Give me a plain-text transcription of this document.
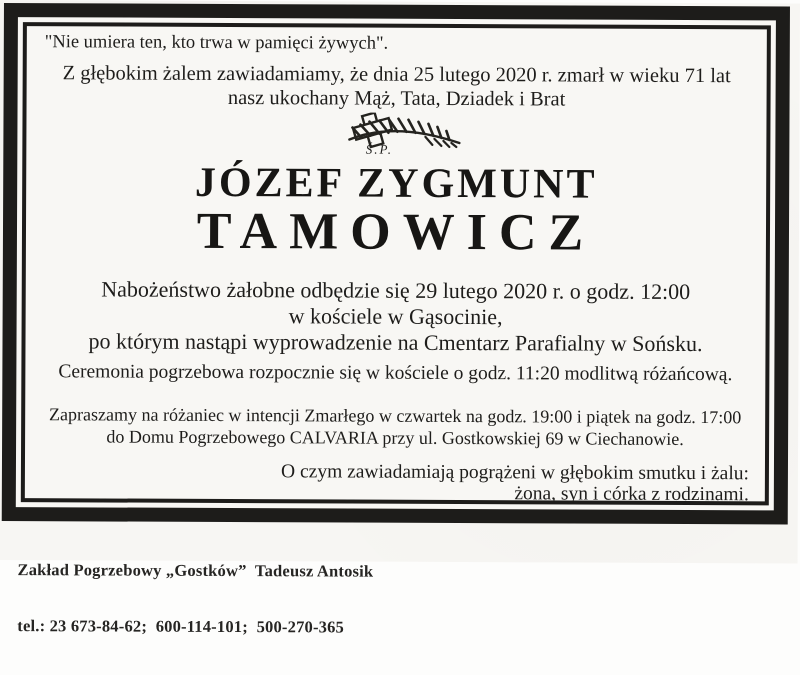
"Nie umiera ten, kto trwa w pamięci żywych".
Z głębokim żalem zawiadamiamy, że dnia 25 lutego 2020 r. zmarł w wieku 71 lat
nasz ukochany Mąż, Tata, Dziadek i Brat
Ś.P.
JÓZEF ZYGMUNT
TAMOWICZ
Nabożeństwo żałobne odbędzie się 29 lutego 2020 r. o godz. 12:00
w kościele w Gąsocinie,
po którym nastąpi wyprowadzenie na Cmentarz Parafialny w Sońsku.
Ceremonia pogrzebowa rozpocznie się w kościele o godz. 11:20 modlitwą różańcową.
Zapraszamy na różaniec w intencji Zmarłego w czwartek na godz. 19:00 i piątek na godz. 17:00
do Domu Pogrzebowego CALVARIA przy ul. Gostkowskiej 69 w Ciechanowie.
O czym zawiadamiają pogrążeni w głębokim smutku i żalu:
żona, syn i córka z rodzinami.

Zakład Pogrzebowy „Gostków”  Tadeusz Antosik

tel.: 23 673-84-62;  600-114-101;  500-270-365
